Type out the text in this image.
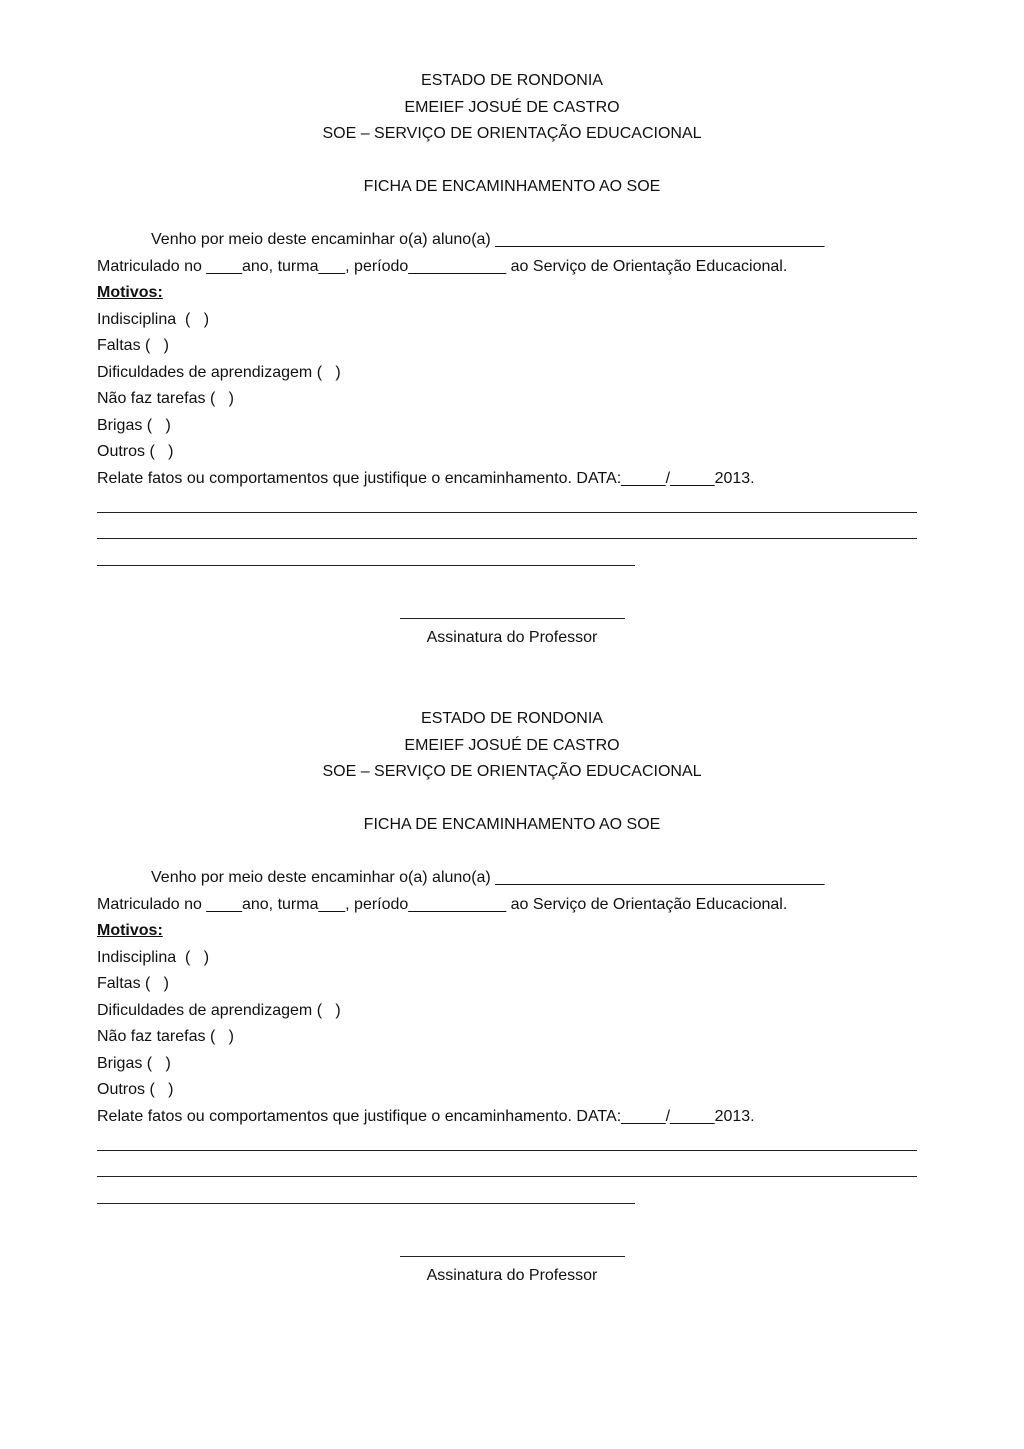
ESTADO DE RONDONIA
EMEIEF JOSUÉ DE CASTRO
SOE – SERVIÇO DE ORIENTAÇÃO EDUCACIONAL
FICHA DE ENCAMINHAMENTO AO SOE
Venho por meio deste encaminhar o(a) aluno(a) _____________________________________
Matriculado no ____ano, turma___, período___________ ao Serviço de Orientação Educacional.
Motivos:
Indisciplina  (   )
Faltas (   )
Dificuldades de aprendizagem (   )
Não faz tarefas (   )
Brigas (   )
Outros (   )
Relate fatos ou comportamentos que justifique o encaminhamento. DATA:_____/_____2013.
Assinatura do Professor
ESTADO DE RONDONIA
EMEIEF JOSUÉ DE CASTRO
SOE – SERVIÇO DE ORIENTAÇÃO EDUCACIONAL
FICHA DE ENCAMINHAMENTO AO SOE
Venho por meio deste encaminhar o(a) aluno(a) _____________________________________
Matriculado no ____ano, turma___, período___________ ao Serviço de Orientação Educacional.
Motivos:
Indisciplina  (   )
Faltas (   )
Dificuldades de aprendizagem (   )
Não faz tarefas (   )
Brigas (   )
Outros (   )
Relate fatos ou comportamentos que justifique o encaminhamento. DATA:_____/_____2013.
Assinatura do Professor
